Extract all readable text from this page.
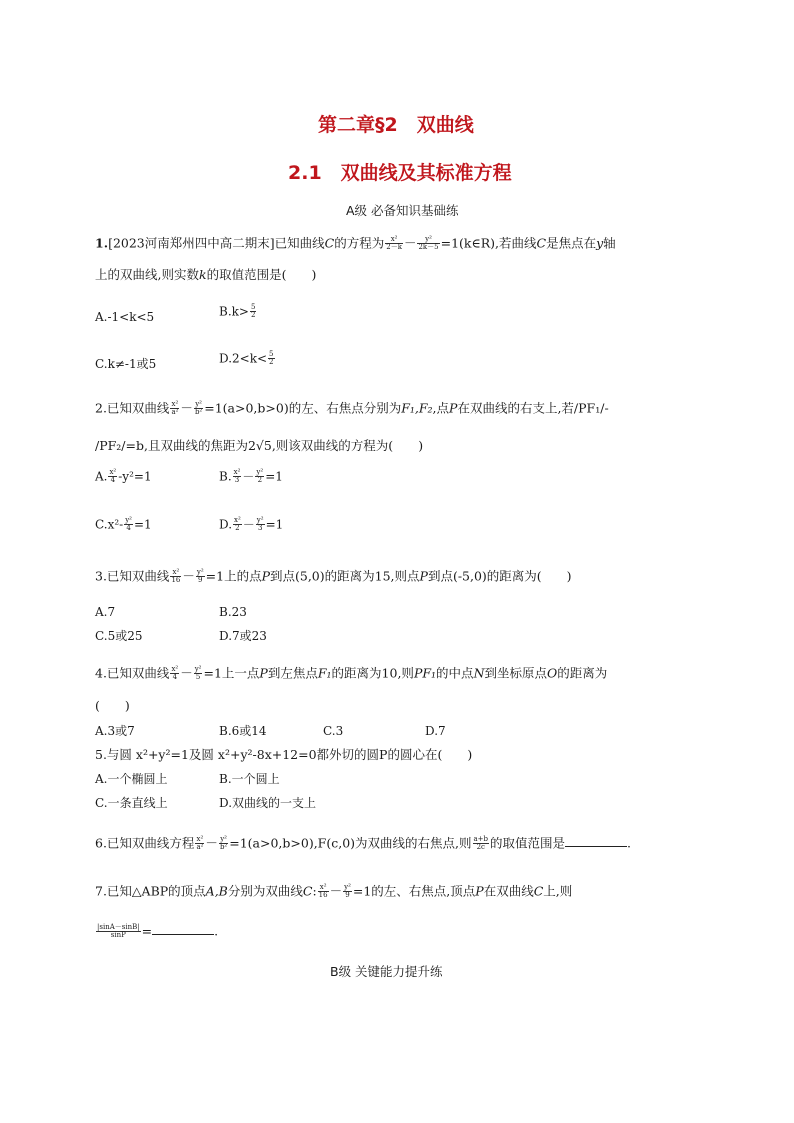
第二章§2　双曲线
2.1　双曲线及其标准方程
A级 必备知识基础练
1.[2023河南郑州四中高二期末]已知曲线C的方程为 $\frac{\text{x²}}{2-k} - \frac{\text{y²}}{2k-5}$ =1(k∈R),若曲线C是焦点在y轴
上的双曲线,则实数k的取值范围是(　　)
A.-1<k<5	$B.k> \frac{5}{2}$
C.k≠-1或5	$D.2<k< \frac{5}{2}$
2.已知双曲线 $\frac{\text{x²}}{\text{a²}} - \frac{\text{y²}}{\text{b²}} =1(a>0,b>0)$的左、右焦点分别为F₁,F₂,点P在双曲线的右支上,若/PF₁/-
/PF₂/=b,且双曲线的焦距为2√5,则该双曲线的方程为(　　)
A. $\frac{\text{x²}}{4} -y^2=1$	B. $\frac{\text{x²}}{3} - \frac{\text{y²}}{2} =1$
$C.x^2- \frac{\text{y²}}{4} =1$	D. $\frac{\text{x²}}{2} - \frac{\text{y²}}{3} =1$
3.已知双曲线 $\frac{\text{x²}}{16} - \frac{\text{y²}}{9} =1$上的点P到点(5,0)的距离为15,则点P到点(-5,0)的距离为(　　)
A.7	B.23
C.5或25	D.7或23
4.已知双曲线 $\frac{\text{x²}}{4} - \frac{\text{y²}}{5} =1$上一点P到左焦点F₁的距离为10,则PF₁的中点N到坐标原点O的距离为
(　　)
A.3或7	B.6或14	C.3	D.7
5.与圆 x²+y²=1及圆 x²+y²-8x+12=0都外切的圆P的圆心在(　　)
A.一个椭圆上	B.一个圆上
C.一条直线上	D.双曲线的一支上
6.已知双曲线方程 $\frac{\text{x²}}{\text{a²}} - \frac{\text{y²}}{\text{b²}} =1(a>0,b>0),F(c,0)$为双曲线的右焦点,则 $\frac{a+b}{2c}$ 的取值范围是	.
7.已知△ABP的顶点A,B分别为双曲线C: $\frac{\text{x²}}{16} - \frac{\text{y²}}{9} =1$的左、右焦点,顶点P在双曲线C上,则
$\frac{|\sin A-\sin B|}{\sin P}$ =	.
B级 关键能力提升练
